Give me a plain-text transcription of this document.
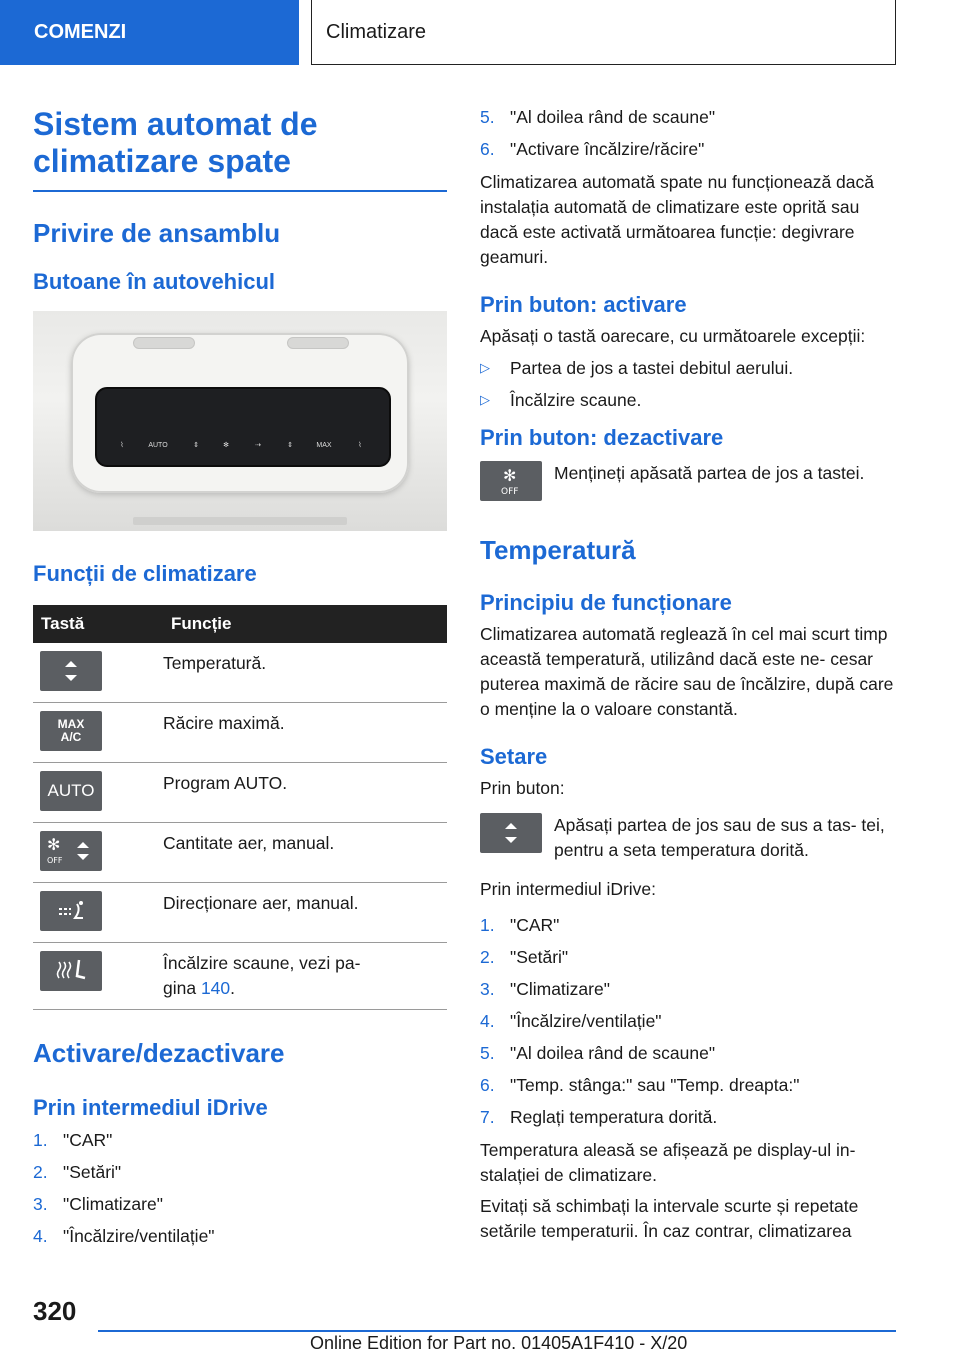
COMENZI	Climatizare
Sistem automat de
climatizare spate
Privire de ansamblu
Butoane în autovehicul
⌇	AUTO	⇕	✻	⇢	⇕	MAX	⌇
Funcții de climatizare
Tastă	Funcție

	Temperatură.

MAX A/C	Răcire maximă.

AUTO	Program AUTO.

✻
OFF	Cantitate aer, manual.

	Direcționare aer, manual.

	Încălzire scaune, vezi pa-
gina 140.
Activare/dezactivare
Prin intermediul iDrive
1. "CAR"
2. "Setări"
3. "Climatizare"
4. "Încălzire/ventilație"
5. "Al doilea rând de scaune"
6. "Activare încălzire/răcire"

Climatizarea automată spate nu funcționează dacă instalația automată de climatizare este oprită sau dacă este activată următoarea funcție: degivrare geamuri.

Prin buton: activare

Apăsați o tastă oarecare, cu următoarele excepții:

▷	Partea de jos a tastei debitul aerului.
▷	Încălzire scaune.
Prin buton: dezactivare
✻
OFF

Mențineți apăsată partea de jos a tastei.

Temperatură
Principiu de funcționare

Climatizarea automată reglează în cel mai scurt timp această temperatură, utilizând dacă este ne- cesar puterea maximă de răcire sau de încălzire, după care o menține la o valoare constantă.

Setare

Prin buton:

Apăsați partea de jos sau de sus a tas- tei, pentru a seta temperatura dorită.

Prin intermediul iDrive:

1. "CAR"
2. "Setări"
3. "Climatizare"
4. "Încălzire/ventilație"
5. "Al doilea rând de scaune"
6. "Temp. stânga:" sau "Temp. dreapta:"
7. Reglați temperatura dorită.

Temperatura aleasă se afișează pe display-ul in- stalației de climatizare.

Evitați să schimbați la intervale scurte și repetate setările temperaturii. În caz contrar, climatizarea

320
Online Edition for Part no. 01405A1F410 - X/20
